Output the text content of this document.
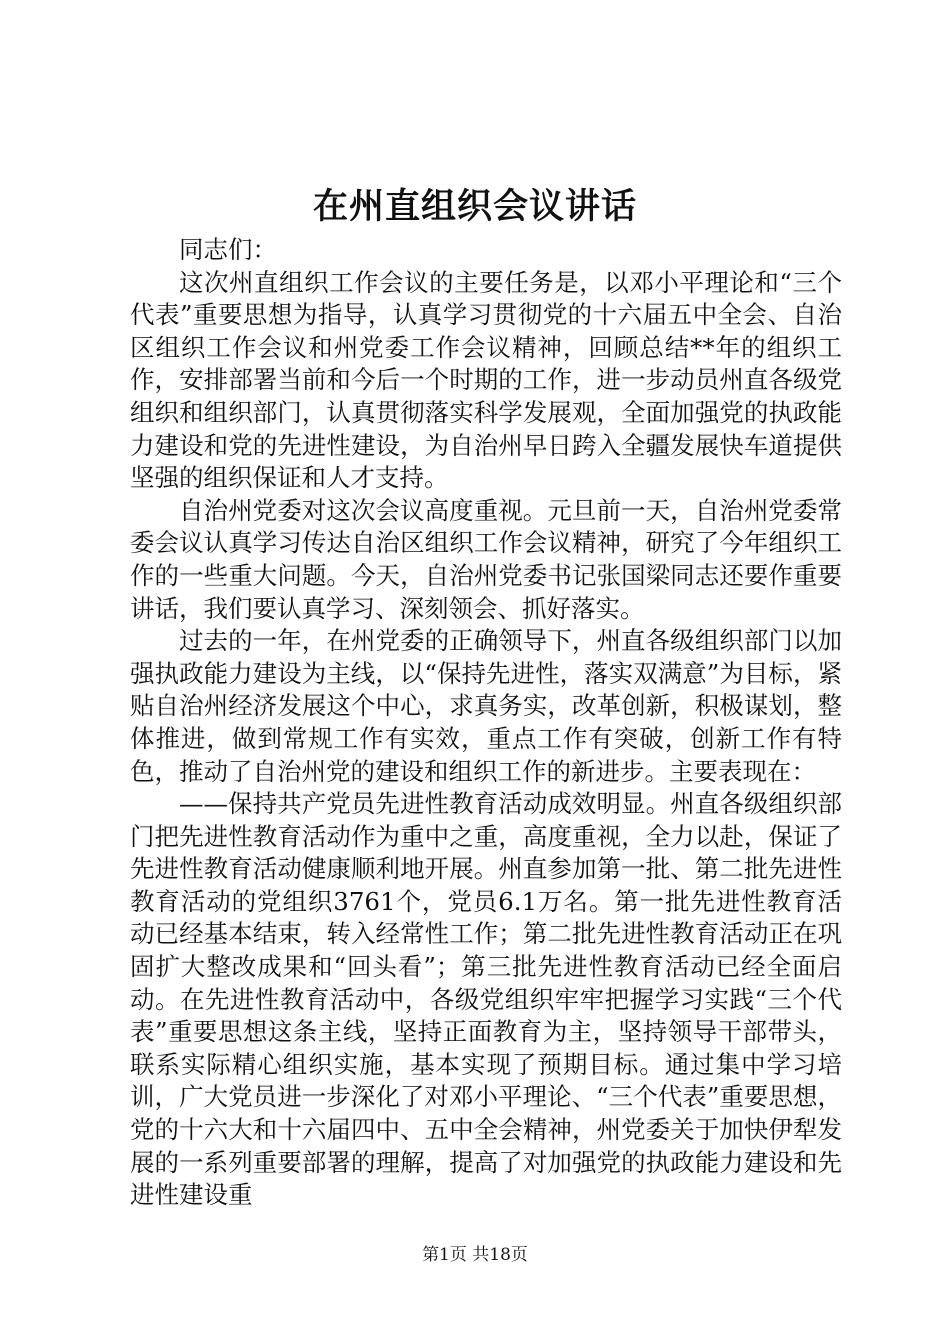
在州直组织会议讲话

同志们：

这次州直组织工作会议的主要任务是，以邓小平理论和“三个代表”重要思想为指导，认真学习贯彻党的十六届五中全会、自治区组织工作会议和州党委工作会议精神，回顾总结**年的组织工作，安排部署当前和今后一个时期的工作，进一步动员州直各级党组织和组织部门，认真贯彻落实科学发展观，全面加强党的执政能力建设和党的先进性建设，为自治州早日跨入全疆发展快车道提供坚强的组织保证和人才支持。

自治州党委对这次会议高度重视。元旦前一天，自治州党委常委会议认真学习传达自治区组织工作会议精神，研究了今年组织工作的一些重大问题。今天，自治州党委书记张国梁同志还要作重要讲话，我们要认真学习、深刻领会、抓好落实。

过去的一年，在州党委的正确领导下，州直各级组织部门以加强执政能力建设为主线，以“保持先进性，落实双满意”为目标，紧贴自治州经济发展这个中心，求真务实，改革创新，积极谋划，整体推进，做到常规工作有实效，重点工作有突破，创新工作有特色，推动了自治州党的建设和组织工作的新进步。主要表现在：

——保持共产党员先进性教育活动成效明显。州直各级组织部门把先进性教育活动作为重中之重，高度重视，全力以赴，保证了先进性教育活动健康顺利地开展。州直参加第一批、第二批先进性教育活动的党组织3761个，党员6.1万名。第一批先进性教育活动已经基本结束，转入经常性工作；第二批先进性教育活动正在巩固扩大整改成果和“回头看”；第三批先进性教育活动已经全面启动。在先进性教育活动中，各级党组织牢牢把握学习实践“三个代表”重要思想这条主线，坚持正面教育为主，坚持领导干部带头，联系实际精心组织实施，基本实现了预期目标。通过集中学习培训，广大党员进一步深化了对邓小平理论、“三个代表”重要思想，党的十六大和十六届四中、五中全会精神，州党委关于加快伊犁发展的一系列重要部署的理解，提高了对加强党的执政能力建设和先进性建设重

第1页 共18页
